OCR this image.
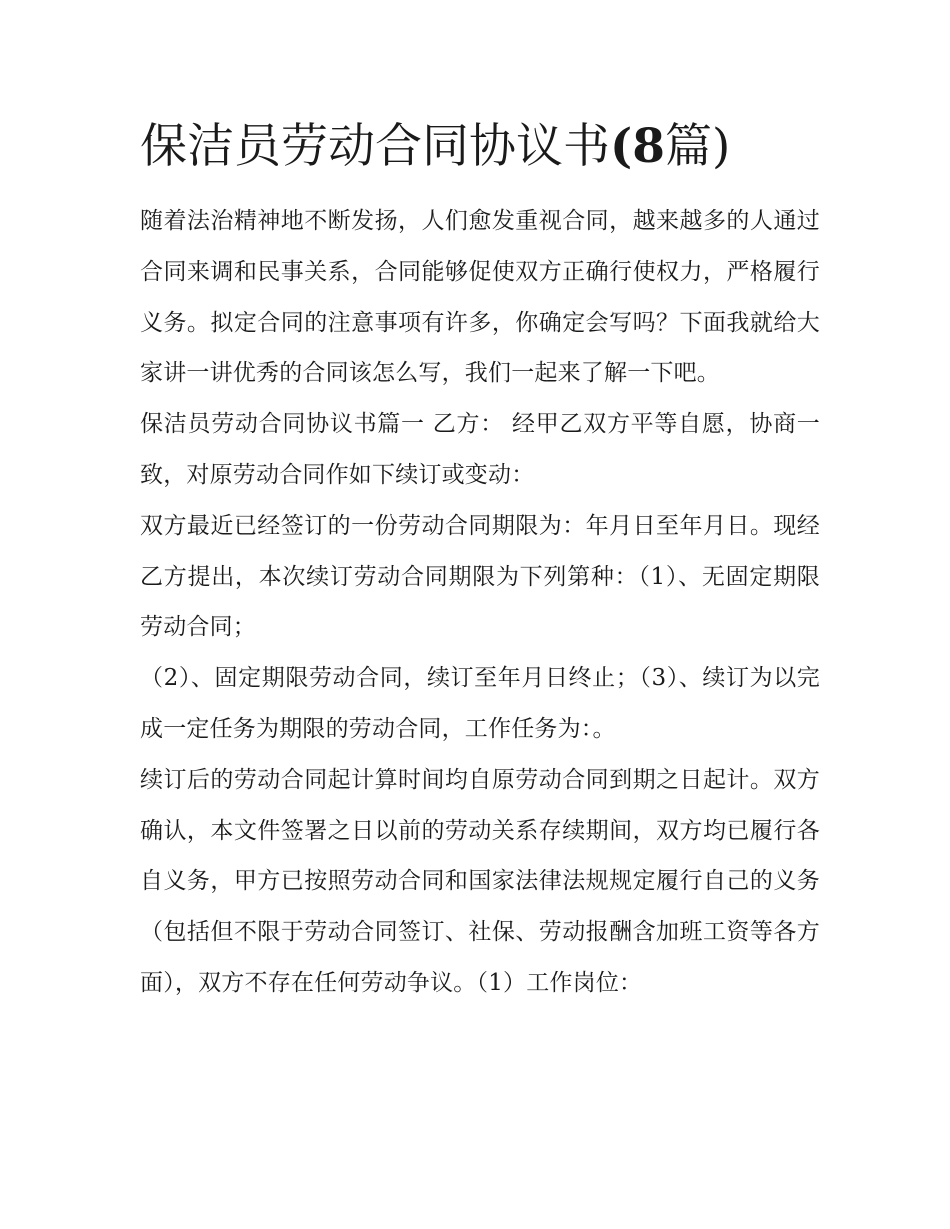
保洁员劳动合同协议书(8篇)

随着法治精神地不断发扬，人们愈发重视合同，越来越多的人通过合同来调和民事关系，合同能够促使双方正确行使权力，严格履行义务。拟定合同的注意事项有许多，你确定会写吗？下面我就给大家讲一讲优秀的合同该怎么写，我们一起来了解一下吧。

保洁员劳动合同协议书篇一 乙方： 经甲乙双方平等自愿，协商一致，对原劳动合同作如下续订或变动：

双方最近已经签订的一份劳动合同期限为：年月日至年月日。现经乙方提出，本次续订劳动合同期限为下列第种：（1）、无固定期限劳动合同；

（2）、固定期限劳动合同，续订至年月日终止；（3）、续订为以完成一定任务为期限的劳动合同，工作任务为：。

续订后的劳动合同起计算时间均自原劳动合同到期之日起计。双方确认，本文件签署之日以前的劳动关系存续期间，双方均已履行各自义务，甲方已按照劳动合同和国家法律法规规定履行自己的义务（包括但不限于劳动合同签订、社保、劳动报酬含加班工资等各方面），双方不存在任何劳动争议。（1）工作岗位：
